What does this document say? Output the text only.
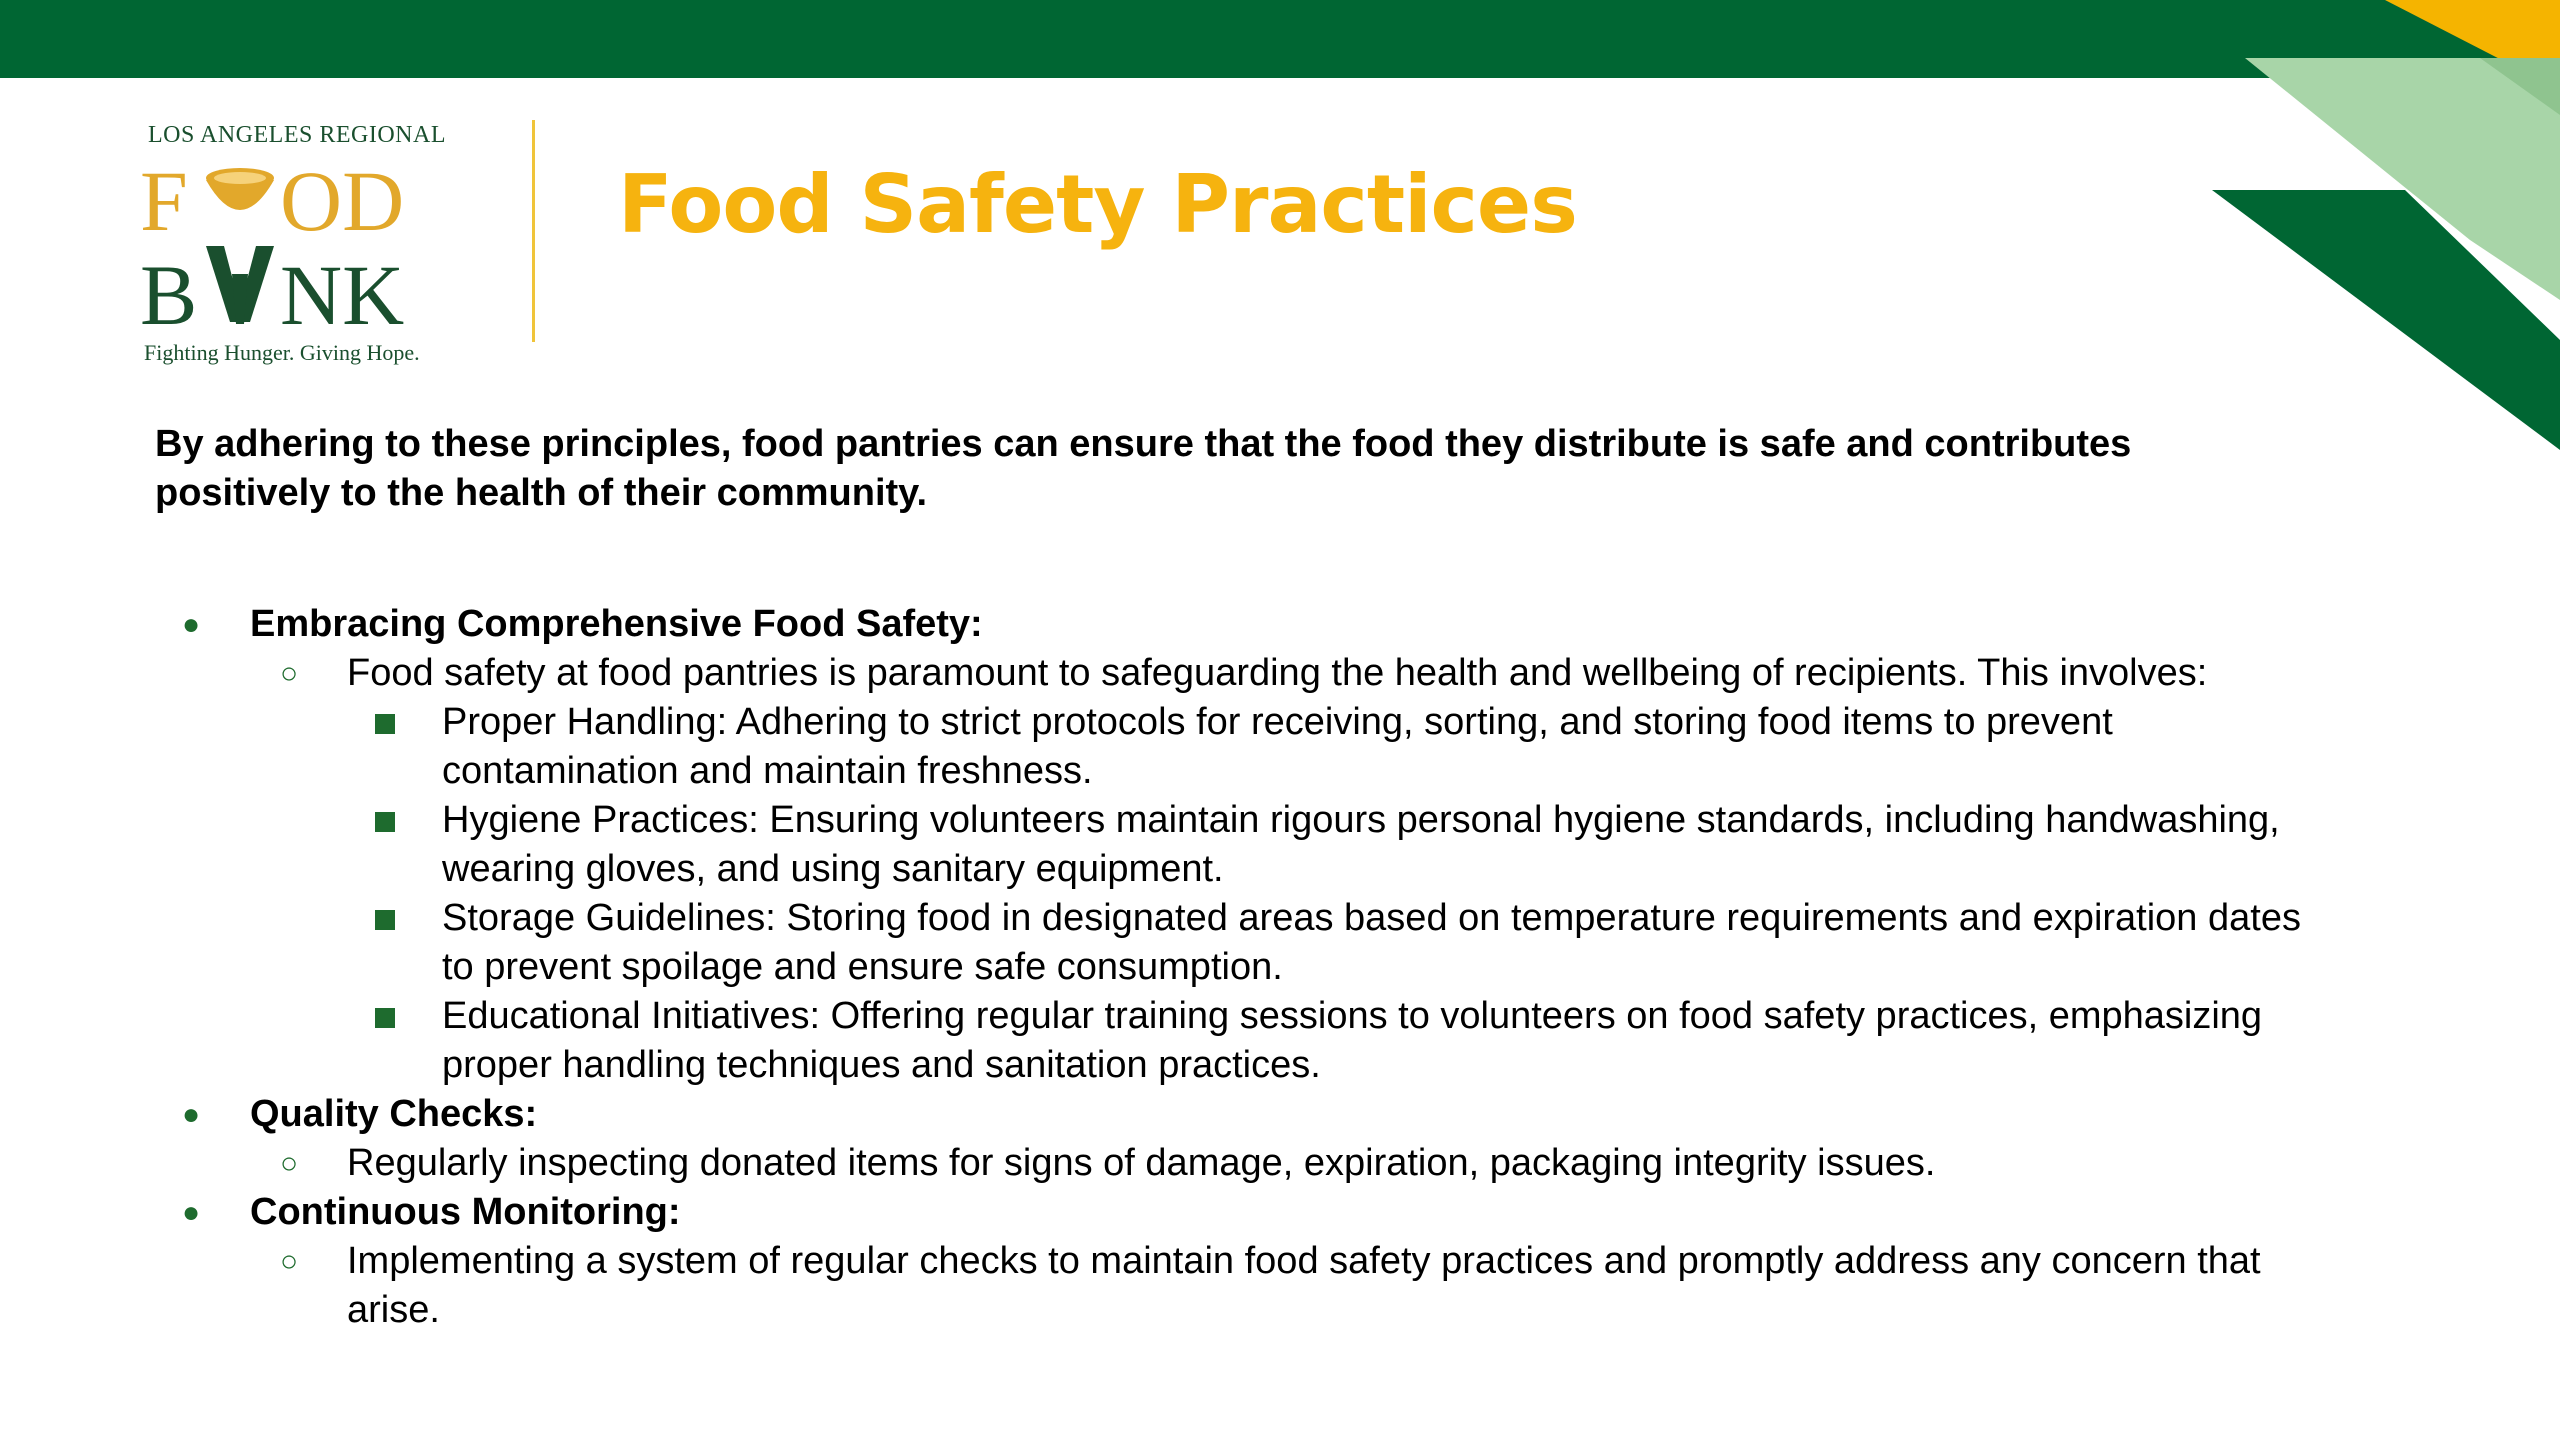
LOS ANGELES REGIONAL
F OD
B NK
Fighting Hunger. Giving Hope.
Food Safety Practices

By adhering to these principles, food pantries can ensure that the food they distribute is safe and contributes positively to the health of their community.

● Embracing Comprehensive Food Safety:
○ Food safety at food pantries is paramount to safeguarding the health and wellbeing of recipients. This involves:
Proper Handling: Adhering to strict protocols for receiving, sorting, and storing food items to prevent contamination and maintain freshness.
Hygiene Practices: Ensuring volunteers maintain rigours personal hygiene standards, including handwashing, wearing gloves, and using sanitary equipment.
Storage Guidelines: Storing food in designated areas based on temperature requirements and expiration dates to prevent spoilage and ensure safe consumption.
Educational Initiatives: Offering regular training sessions to volunteers on food safety practices, emphasizing proper handling techniques and sanitation practices.
● Quality Checks:
○ Regularly inspecting donated items for signs of damage, expiration, packaging integrity issues.
● Continuous Monitoring:
○ Implementing a system of regular checks to maintain food safety practices and promptly address any concern that arise.
